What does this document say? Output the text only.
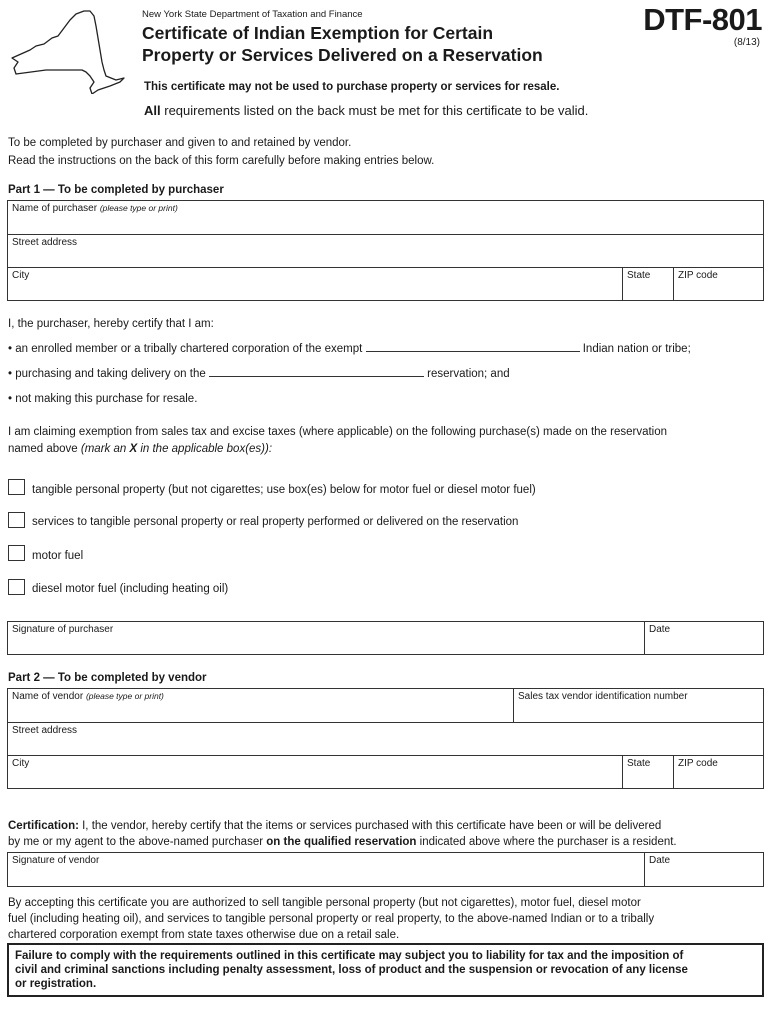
New York State Department of Taxation and Finance
Certificate of Indian Exemption for Certain
Property or Services Delivered on a Reservation
DTF-801
(8/13)
This certificate may not be used to purchase property or services for resale.
All requirements listed on the back must be met for this certificate to be valid.
To be completed by purchaser and given to and retained by vendor.
Read the instructions on the back of this form carefully before making entries below.
Part 1 — To be completed by purchaser
Name of purchaser (please type or print)
Street address
City	State	ZIP code
I, the purchaser, hereby certify that I am:
• an enrolled member or a tribally chartered corporation of the exempt	Indian nation or tribe;
• purchasing and taking delivery on the	reservation; and
• not making this purchase for resale.
I am claiming exemption from sales tax and excise taxes (where applicable) on the following purchase(s) made on the reservation
named above (mark an X in the applicable box(es)):
tangible personal property (but not cigarettes; use box(es) below for motor fuel or diesel motor fuel)
services to tangible personal property or real property performed or delivered on the reservation
motor fuel
diesel motor fuel (including heating oil)
Signature of purchaser	Date
Part 2 — To be completed by vendor
Name of vendor (please type or print)	Sales tax vendor identification number
Street address
City	State	ZIP code
Certification: I, the vendor, hereby certify that the items or services purchased with this certificate have been or will be delivered
by me or my agent to the above-named purchaser on the qualified reservation indicated above where the purchaser is a resident.
Signature of vendor	Date
By accepting this certificate you are authorized to sell tangible personal property (but not cigarettes), motor fuel, diesel motor
fuel (including heating oil), and services to tangible personal property or real property, to the above-named Indian or to a tribally
chartered corporation exempt from state taxes otherwise due on a retail sale.
Failure to comply with the requirements outlined in this certificate may subject you to liability for tax and the imposition of
civil and criminal sanctions including penalty assessment, loss of product and the suspension or revocation of any license
or registration.
